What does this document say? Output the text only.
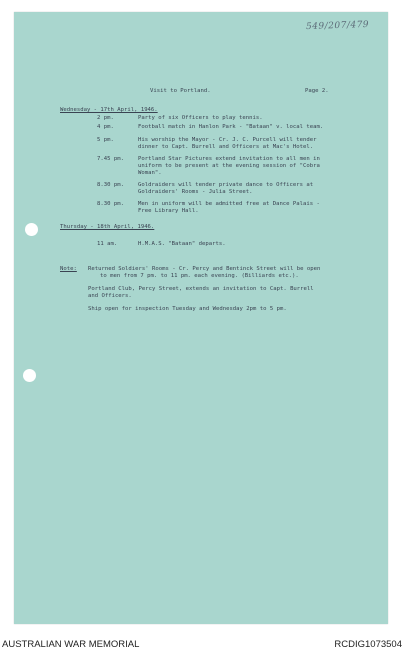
549/207/479
Visit to Portland.	Page 2.
Wednesday - 17th April, 1946.
2 pm.	Party of six Officers to play tennis.
4 pm.	Football match in Hanlon Park - "Bataan" v. local team.
5 pm.	His worship the Mayor - Cr. J. C. Purcell will tender
dinner to Capt. Burrell and Officers at Mac's Hotel.
7.45 pm.	Portland Star Pictures extend invitation to all men in
uniform to be present at the evening session of "Cobra
Woman".
8.30 pm.	Goldraiders will tender private dance to Officers at
Goldraiders' Rooms - Julia Street.
8.30 pm.	Men in uniform will be admitted free at Dance Palais -
Free Library Hall.
Thursday - 18th April, 1946.
11 am.	H.M.A.S. "Bataan" departs.
Note: Returned Soldiers' Rooms - Cr. Percy and Bentinck Street will be open
to men from 7 pm. to 11 pm. each evening. (Billiards etc.).
Portland Club, Percy Street, extends an invitation to Capt. Burrell
and Officers.
Ship open for inspection Tuesday and Wednesday 2pm to 5 pm.
AUSTRALIAN WAR MEMORIAL	RCDIG1073504
